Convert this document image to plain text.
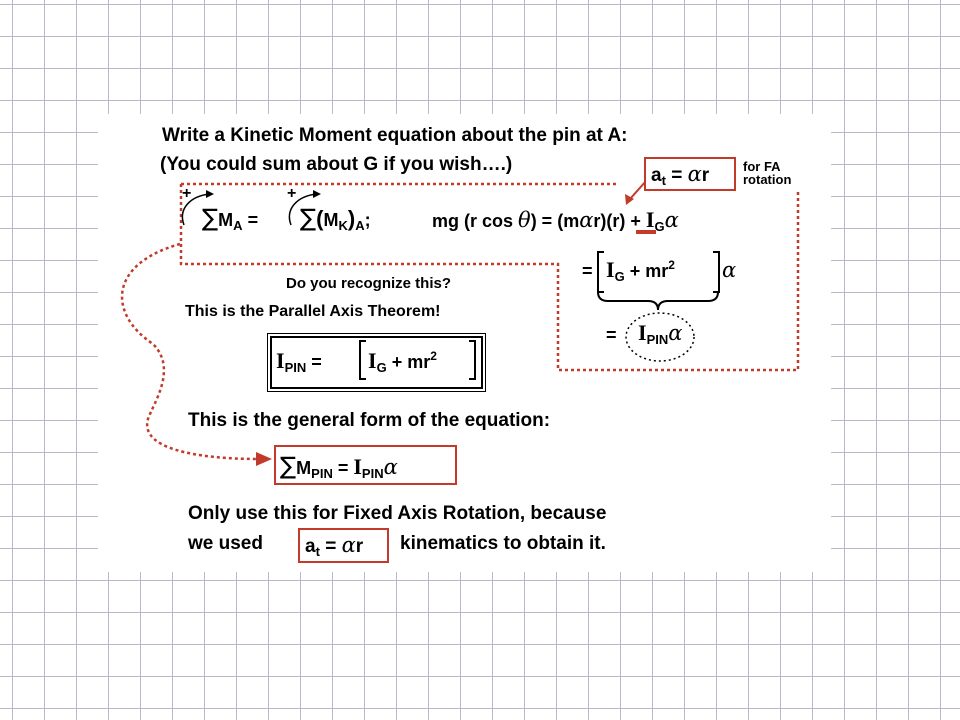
Write a Kinetic Moment equation about the pin at A:
(You could sum about G if you wish….)
$a_t = \alpha r$	for FA
rotation
+	+
$\sum M_A = \sum(M_K)_A$;	mg (r $\cos \theta) = (m\alpha r)(r) + I_G\alpha$
= $I_G + mr^2$ α
= $I_{PIN}\alpha$
Do you recognize this?
This is the Parallel Axis Theorem!
$I_{PIN} = I_G + mr^2$
This is the general form of the equation:
$\sum M_{PIN} = I_{PIN}\alpha$
Only use this for Fixed Axis Rotation, because
we used $a_t = \alpha r$ kinematics to obtain it.
